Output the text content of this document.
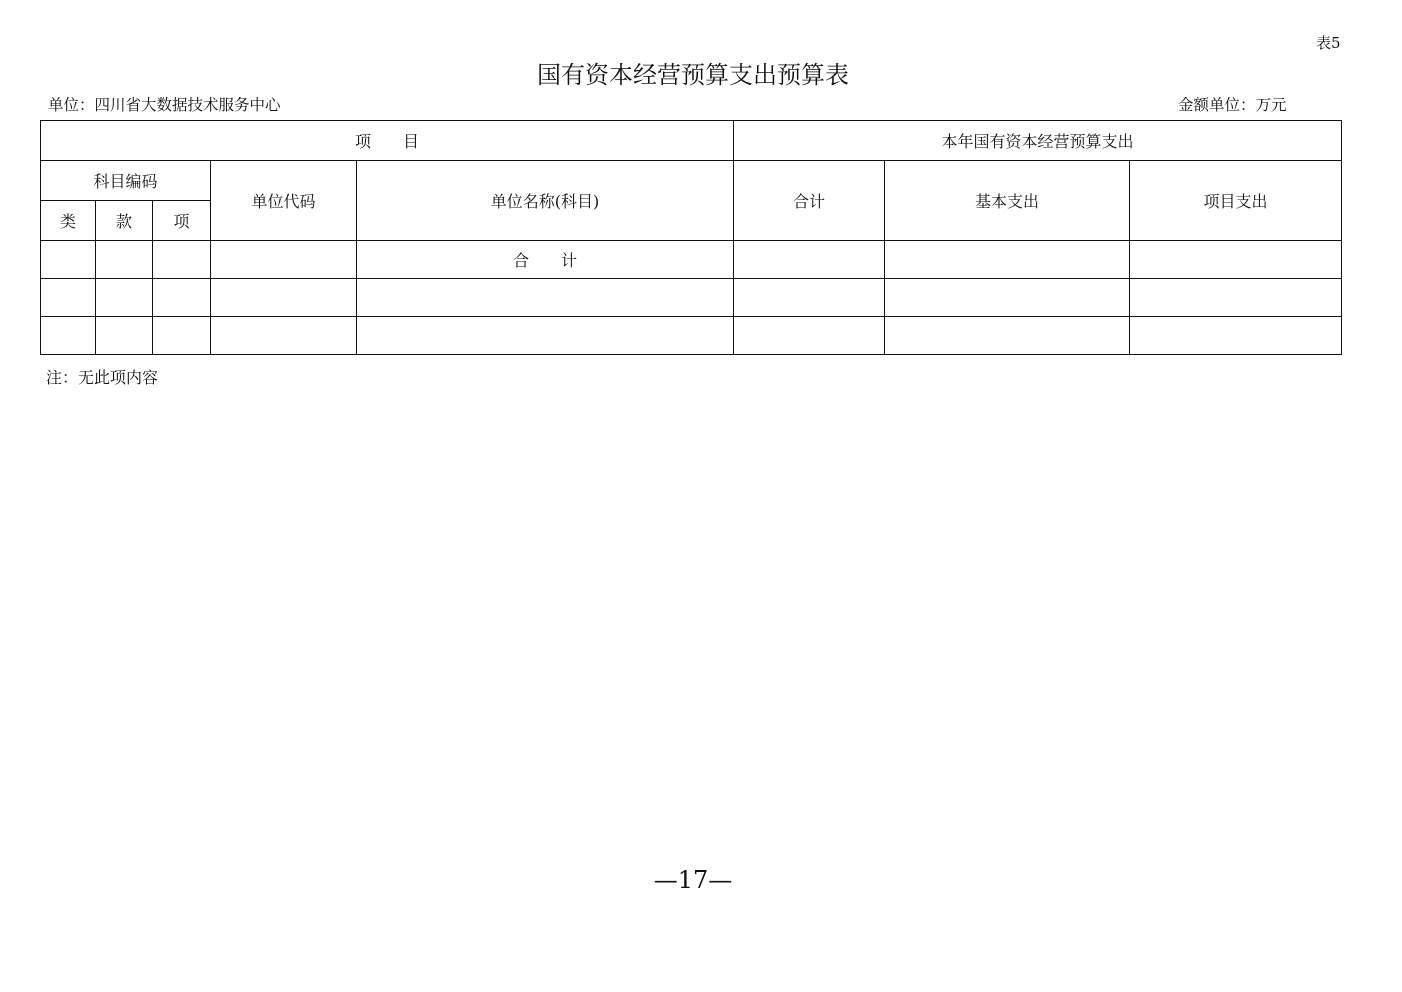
表5
国有资本经营预算支出预算表
单位：四川省大数据技术服务中心	金额单位：万元
项　　目					本年国有资本经营预算支出		
科目编码			单位代码	单位名称(科目)	合计	基本支出	项目支出
类	款	项					
				合　　计			

注：无此项内容
—17—
